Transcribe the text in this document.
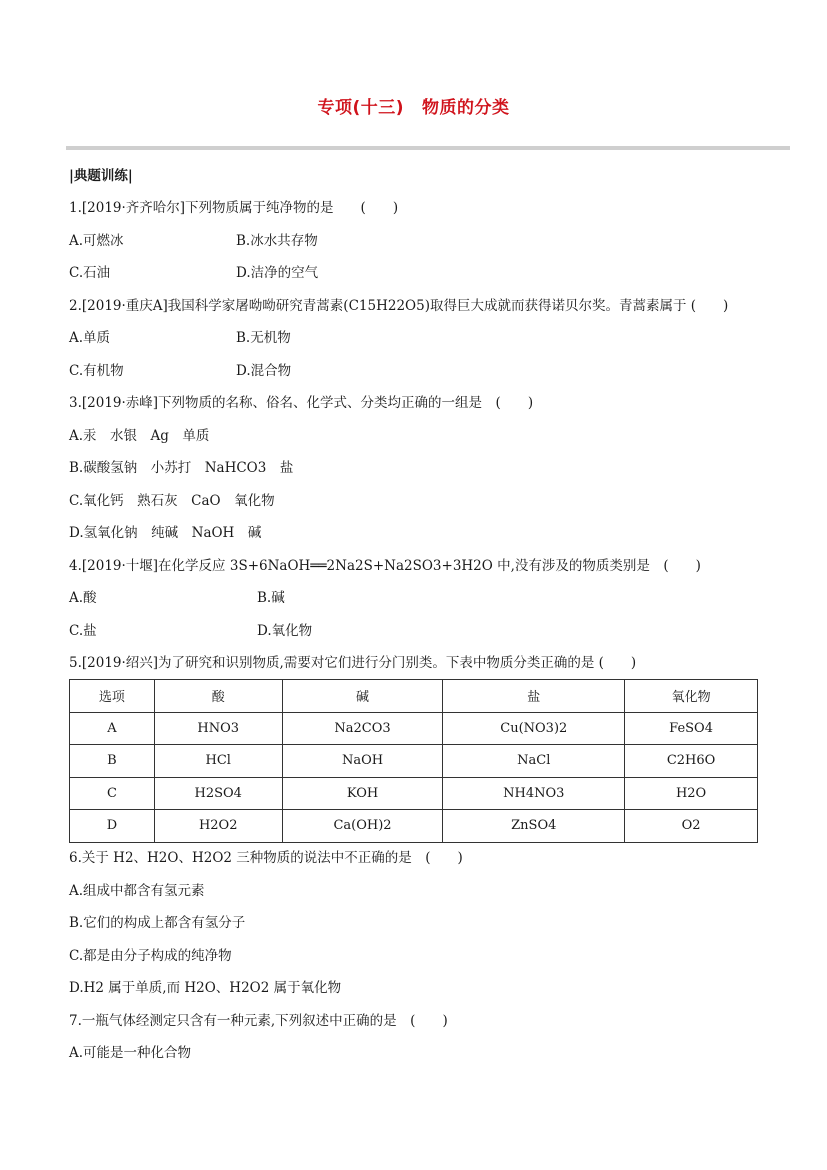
专项(十三) 物质的分类
|典题训练|
1.[2019·齐齐哈尔]下列物质属于纯净物的是　　(　　)
A.可燃冰	B.冰水共存物
C.石油	D.洁净的空气
2.[2019·重庆A]我国科学家屠呦呦研究青蒿素(C15H22O5)取得巨大成就而获得诺贝尔奖。青蒿素属于 (　　)
A.单质	B.无机物
C.有机物	D.混合物
3.[2019·赤峰]下列物质的名称、俗名、化学式、分类均正确的一组是　(　　)
A.汞　水银　Ag　单质
B.碳酸氢钠　小苏打　NaHCO3　盐
C.氧化钙　熟石灰　CaO　氧化物
D.氢氧化钠　纯碱　NaOH　碱
4.[2019·十堰]在化学反应 3S+6NaOH══2Na2S+Na2SO3+3H2O 中,没有涉及的物质类别是　(　　)
A.酸	B.碱
C.盐	D.氧化物
5.[2019·绍兴]为了研究和识别物质,需要对它们进行分门别类。下表中物质分类正确的是 (　　)
选项	酸	碱	盐	氧化物
A	HNO3	Na2CO3	Cu(NO3)2	FeSO4
B	HCl	NaOH	NaCl	C2H6O
C	H2SO4	KOH	NH4NO3	H2O
D	H2O2	Ca(OH)2	ZnSO4	O2
6.关于 H2、H2O、H2O2 三种物质的说法中不正确的是　(　　)
A.组成中都含有氢元素
B.它们的构成上都含有氢分子
C.都是由分子构成的纯净物
D.H2 属于单质,而 H2O、H2O2 属于氧化物
7.一瓶气体经测定只含有一种元素,下列叙述中正确的是　(　　)
A.可能是一种化合物
